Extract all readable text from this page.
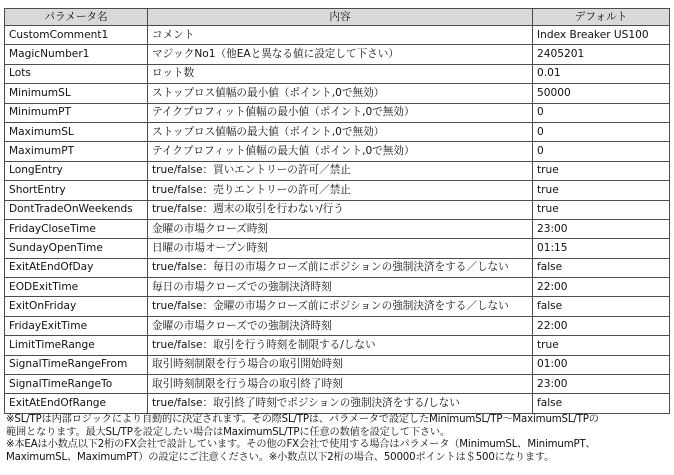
パラメータ名	内容	デフォルト
CustomComment1	コメント	Index Breaker US100
MagicNumber1	マジックNo1（他EAと異なる値に設定して下さい）	2405201
Lots	ロット数	0.01
MinimumSL	ストップロス値幅の最小値（ポイント,0で無効）	50000
MinimumPT	テイクプロフィット値幅の最小値（ポイント,0で無効）	0
MaximumSL	ストップロス値幅の最大値（ポイント,0で無効）	0
MaximumPT	テイクプロフィット値幅の最大値（ポイント,0で無効）	0
LongEntry	true/false：買いエントリーの許可／禁止	true
ShortEntry	true/false：売りエントリーの許可／禁止	true
DontTradeOnWeekends	true/false：週末の取引を行わない/行う	true
FridayCloseTime	金曜の市場クローズ時刻	23:00
SundayOpenTime	日曜の市場オープン時刻	01:15
ExitAtEndOfDay	true/false：毎日の市場クローズ前にポジションの強制決済をする／しない	false
EODExitTime	毎日の市場クローズでの強制決済時刻	22:00
ExitOnFriday	true/false：金曜の市場クローズ前にポジションの強制決済をする／しない	false
FridayExitTime	金曜の市場クローズでの強制決済時刻	22:00
LimitTimeRange	true/false：取引を行う時刻を制限する/しない	true
SignalTimeRangeFrom	取引時刻制限を行う場合の取引開始時刻	01:00
SignalTimeRangeTo	取引時刻制限を行う場合の取引終了時刻	23:00
ExitAtEndOfRange	true/false：取引終了時刻でポジションの強制決済をする/しない	false

※SL/TPは内部ロジックにより自動的に決定されます。その際SL/TPは、パラメータで設定したMinimumSL/TP～MaximumSL/TPの

範囲となります。最大SL/TPを設定したい場合はMaximumSL/TPに任意の数値を設定して下さい。

※本EAは小数点以下2桁のFX会社で設計しています。その他のFX会社で使用する場合はパラメータ（MinimumSL、MinimumPT、

MaximumSL、MaximumPT）の設定にご注意ください。※小数点以下2桁の場合、50000ポイントは＄500になります。
